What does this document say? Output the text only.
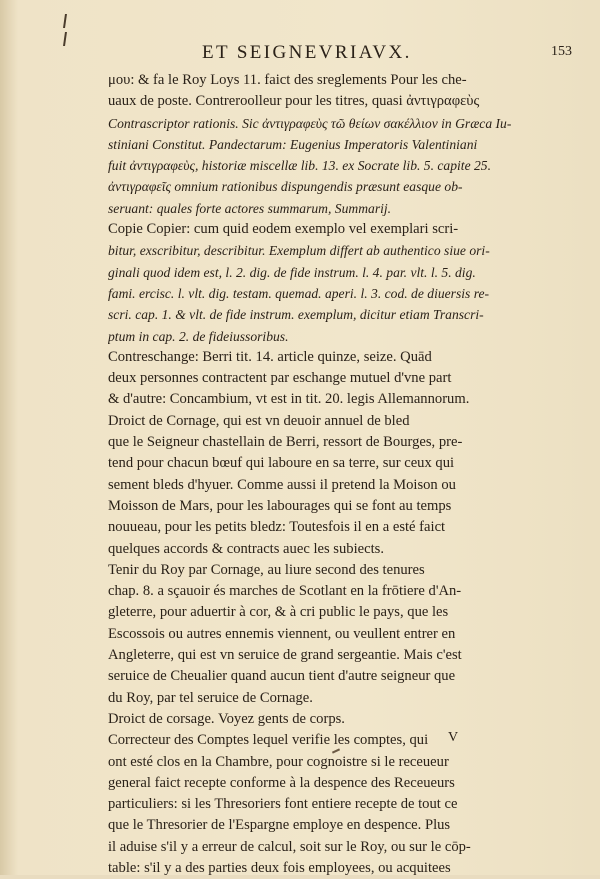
ET SEIGNEVRIAVX.	153
μου: & fa le Roy Loys 11. faict des sreglements Pour les che-
uaux de poste. Contreroolleur pour les titres, quasi ἀντιγραφεὺς
Contrascriptor rationis. Sic ἀντιγραφεὺς τῶ θείων σακέλλιον in Græca Iu-
stiniani Constitut. Pandectarum: Eugenius Imperatoris Valentiniani
fuit ἀντιγραφεὺς, historiæ miscellæ lib. 13. ex Socrate lib. 5. capite 25.
ἀντιγραφεῖς omnium rationibus dispungendis præsunt easque ob-
seruant: quales forte actores summarum, Summarij.
Copie Copier: cum quid eodem exemplo vel exemplari scri-
bitur, exscribitur, describitur. Exemplum differt ab authentico siue ori-
ginali quod idem est, l. 2. dig. de fide instrum. l. 4. par. vlt. l. 5. dig.
fami. ercisc. l. vlt. dig. testam. quemad. aperi. l. 3. cod. de diuersis re-
scri. cap. 1. & vlt. de fide instrum. exemplum, dicitur etiam Transcri-
ptum in cap. 2. de fideiussoribus.
Contreschange: Berri tit. 14. article quinze, seize. Quād
deux personnes contractent par eschange mutuel d'vne part
& d'autre: Concambium, vt est in tit. 20. legis Allemannorum.
Droict de Cornage, qui est vn deuoir annuel de bled
que le Seigneur chastellain de Berri, ressort de Bourges, pre-
tend pour chacun bœuf qui laboure en sa terre, sur ceux qui
sement bleds d'hyuer. Comme aussi il pretend la Moison ou
Moisson de Mars, pour les labourages qui se font au temps
nouueau, pour les petits bledz: Toutesfois il en a esté faict
quelques accords & contracts auec les subiects.
Tenir du Roy par Cornage, au liure second des tenures
chap. 8. a sçauoir és marches de Scotlant en la frōtiere d'An-
gleterre, pour aduertir à cor, & à cri public le pays, que les
Escossois ou autres ennemis viennent, ou veullent entrer en
Angleterre, qui est vn seruice de grand sergeantie. Mais c'est
seruice de Cheualier quand aucun tient d'autre seigneur que
du Roy, par tel seruice de Cornage.
Droict de corsage. Voyez gents de corps.
Correcteur des Comptes lequel verifie les comptes, qui
ont esté clos en la Chambre, pour cognoistre si le receueur
general faict recepte conforme à la despence des Receueurs
particuliers: si les Thresoriers font entiere recepte de tout ce
que le Thresorier de l'Espargne employe en despence. Plus
il aduise s'il y a erreur de calcul, soit sur le Roy, ou sur le cōp-
table: s'il y a des parties deux fois employees, ou acquitees
V
